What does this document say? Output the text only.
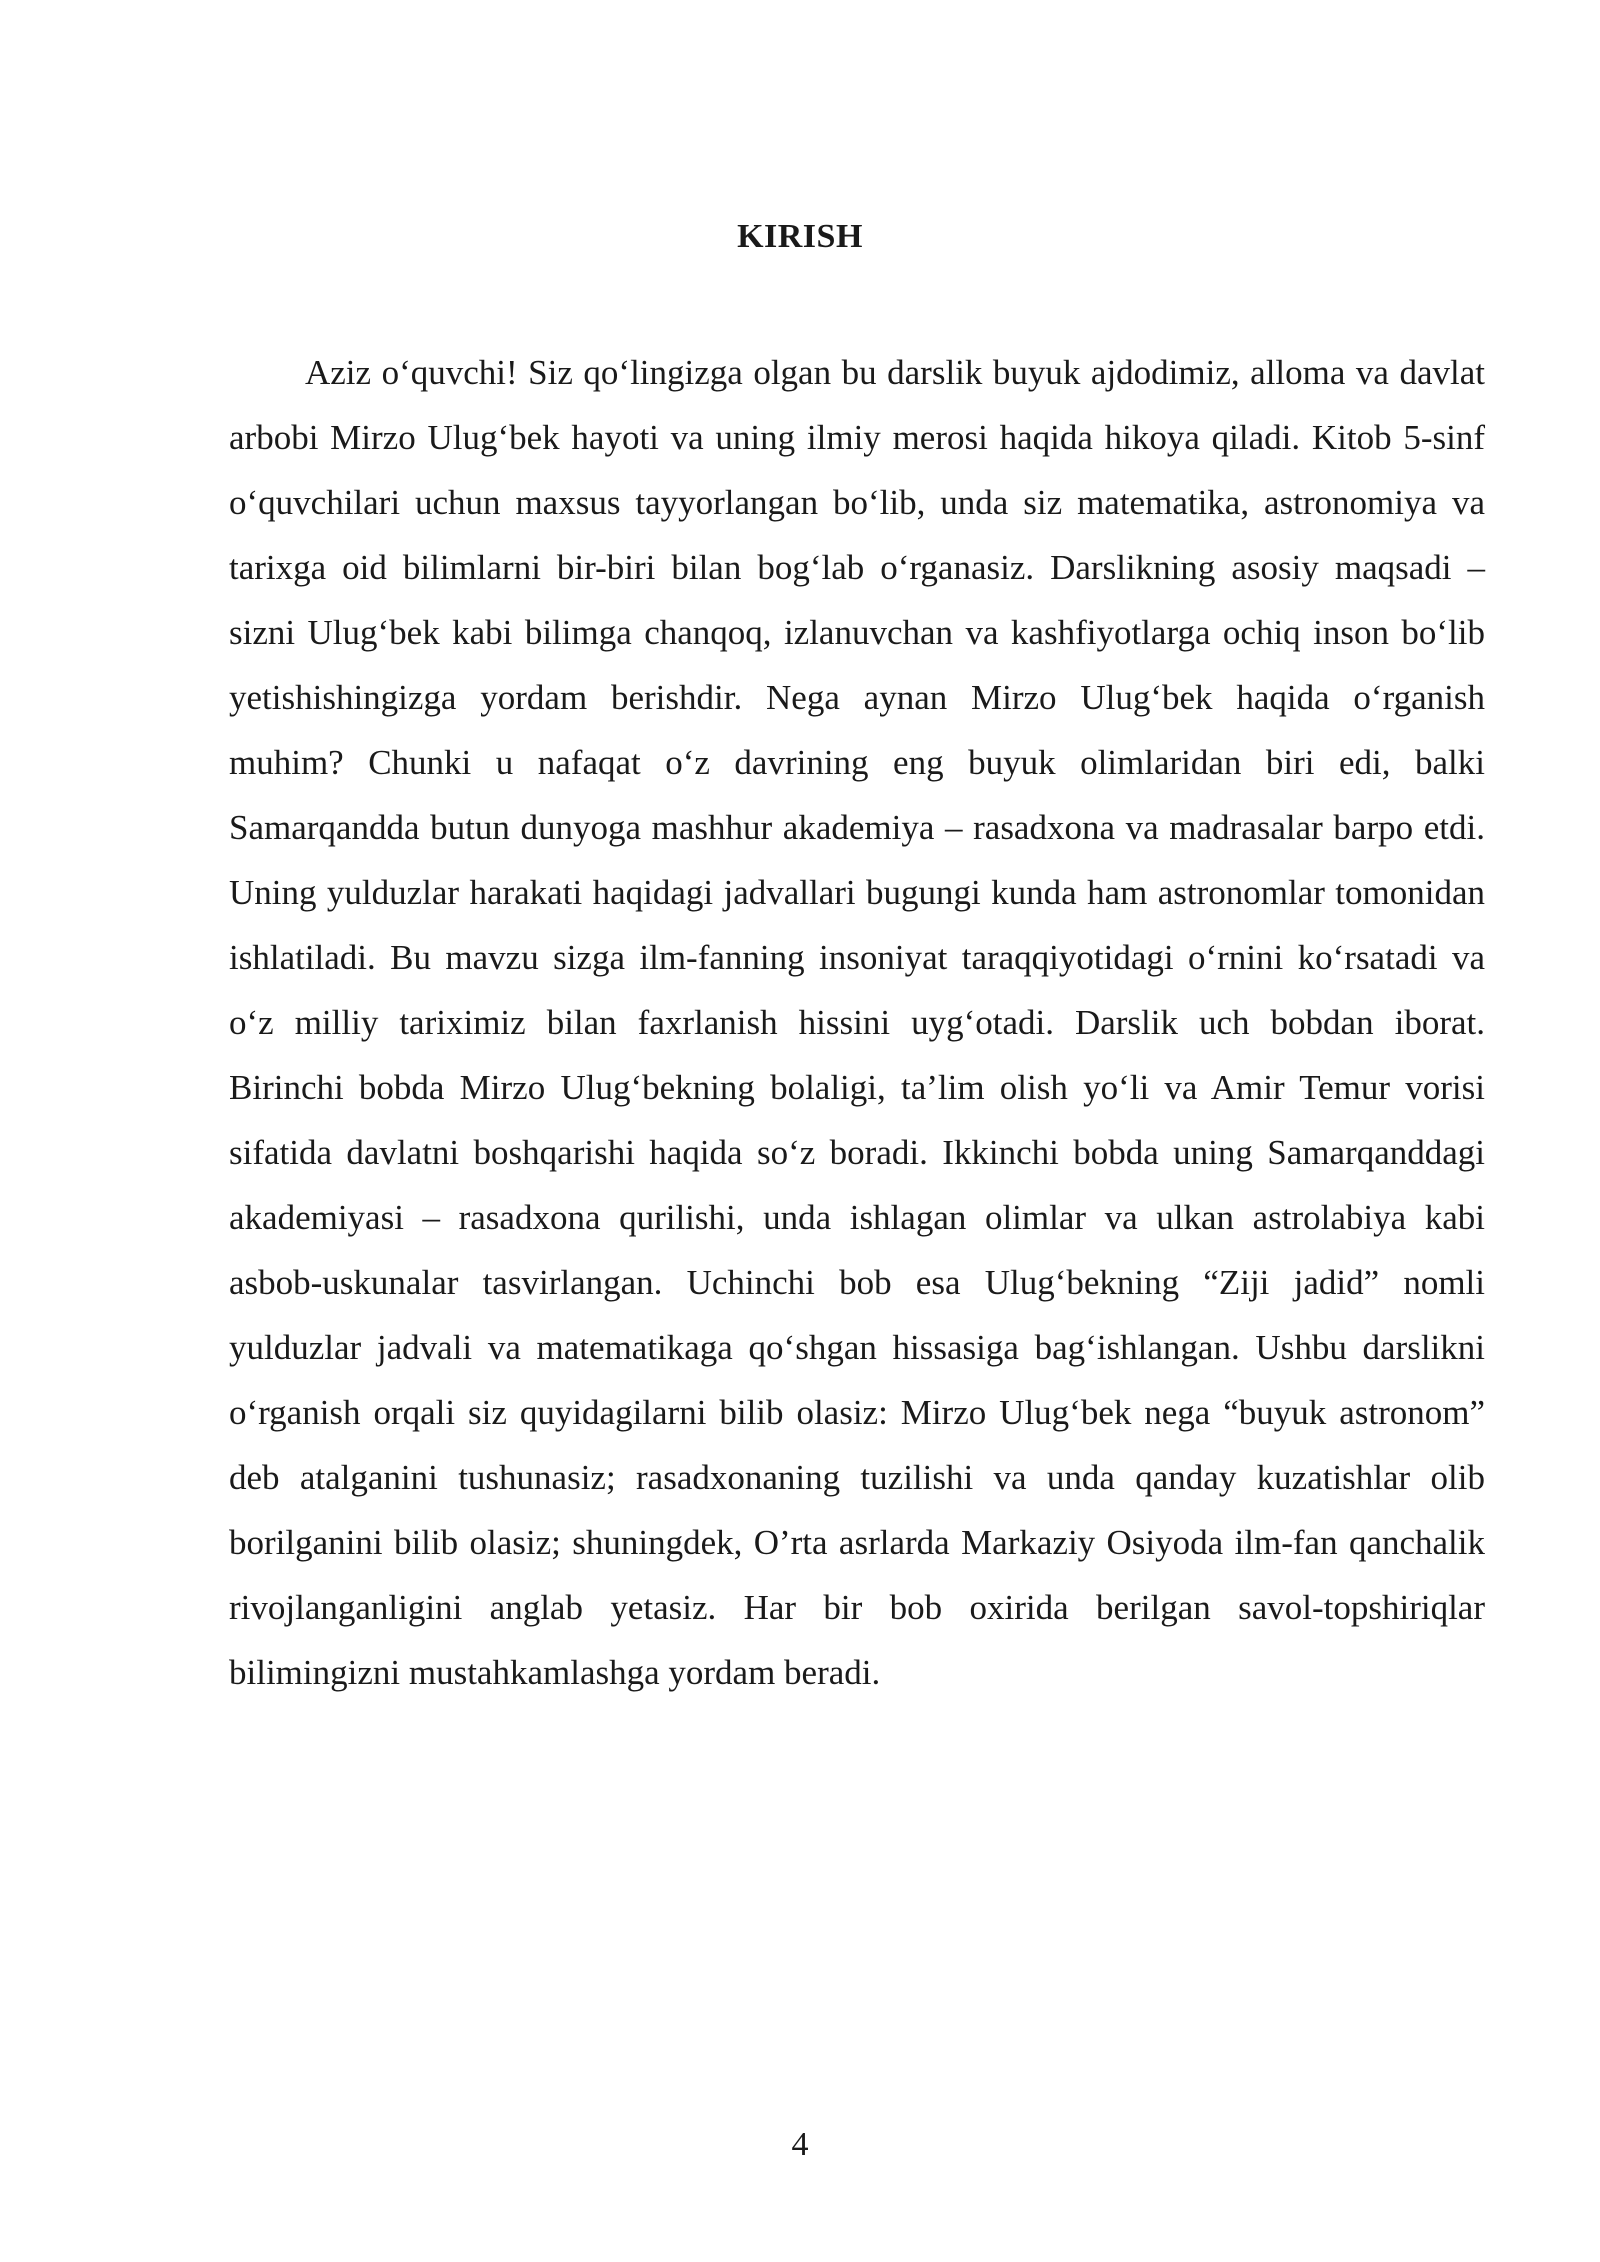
KIRISH

Aziz o‘quvchi! Siz qo‘lingizga olgan bu darslik buyuk ajdodimiz, alloma va davlat arbobi Mirzo Ulug‘bek hayoti va uning ilmiy merosi haqida hikoya qiladi. Kitob 5-sinf o‘quvchilari uchun maxsus tayyorlangan bo‘lib, unda siz matematika, astronomiya va tarixga oid bilimlarni bir-biri bilan bog‘lab o‘rganasiz. Darslikning asosiy maqsadi – sizni Ulug‘bek kabi bilimga chanqoq, izlanuvchan va kashfiyotlarga ochiq inson bo‘lib yetishishingizga yordam berishdir. Nega aynan Mirzo Ulug‘bek haqida o‘rganish muhim? Chunki u nafaqat o‘z davrining eng buyuk olimlaridan biri edi, balki Samarqandda butun dunyoga mashhur akademiya – rasadxona va madrasalar barpo etdi. Uning yulduzlar harakati haqidagi jadvallari bugungi kunda ham astronomlar tomonidan ishlatiladi. Bu mavzu sizga ilm-fanning insoniyat taraqqiyotidagi o‘rnini ko‘rsatadi va o‘z milliy tariximiz bilan faxrlanish hissini uyg‘otadi. Darslik uch bobdan iborat. Birinchi bobda Mirzo Ulug‘bekning bolaligi, ta’lim olish yo‘li va Amir Temur vorisi sifatida davlatni boshqarishi haqida so‘z boradi. Ikkinchi bobda uning Samarqanddagi akademiyasi – rasadxona qurilishi, unda ishlagan olimlar va ulkan astrolabiya kabi asbob-uskunalar tasvirlangan. Uchinchi bob esa Ulug‘bekning “Ziji jadid” nomli yulduzlar jadvali va matematikaga qo‘shgan hissasiga bag‘ishlangan. Ushbu darslikni o‘rganish orqali siz quyidagilarni bilib olasiz: Mirzo Ulug‘bek nega “buyuk astronom” deb atalganini tushunasiz; rasadxonaning tuzilishi va unda qanday kuzatishlar olib borilganini bilib olasiz; shuningdek, O’rta asrlarda Markaziy Osiyoda ilm-fan qanchalik rivojlanganligini anglab yetasiz. Har bir bob oxirida berilgan savol-topshiriqlar bilimingizni mustahkamlashga yordam beradi.

4
